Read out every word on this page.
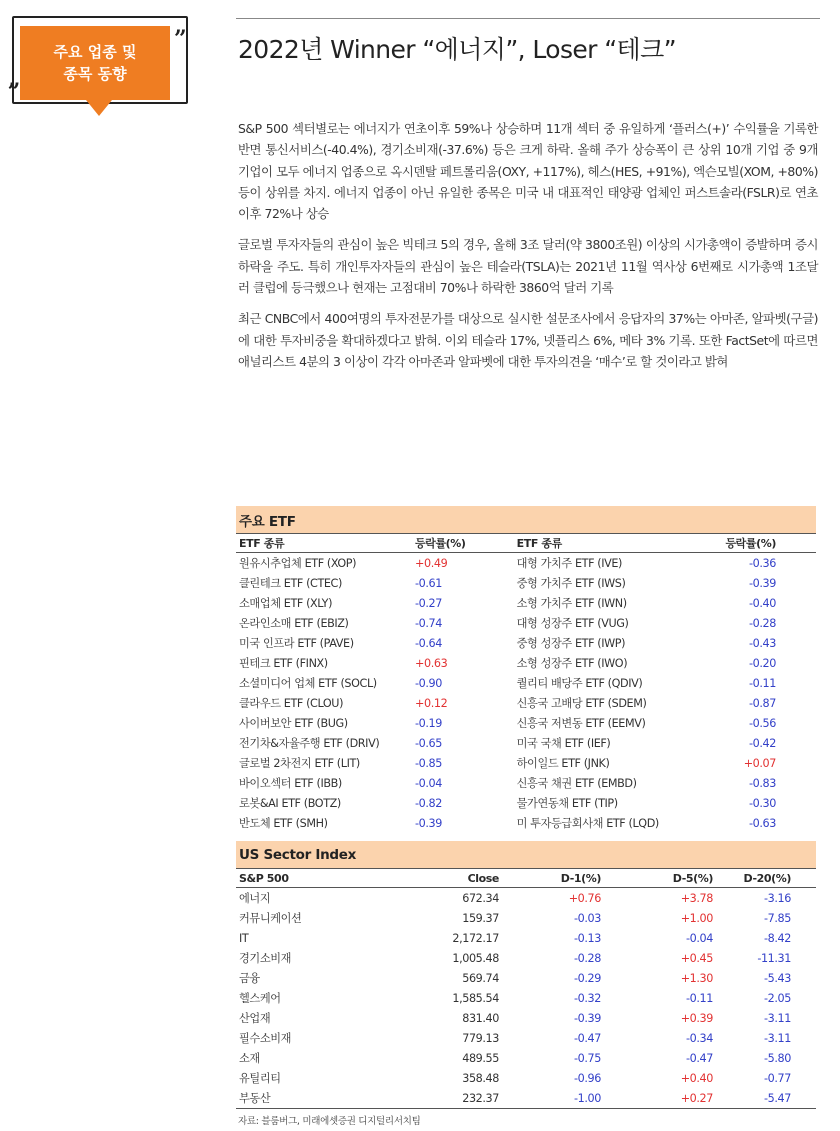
주요 업종 및
종목 동향
„
” 2022년 Winner “에너지”, Loser “테크”

S&P 500 섹터별로는 에너지가 연초이후 59%나 상승하며 11개 섹터 중 유일하게 ‘플러스(+)’ 수익률을 기록한 반면 통신서비스(-40.4%), 경기소비재(-37.6%) 등은 크게 하락. 올해 주가 상승폭이 큰 상위 10개 기업 중 9개 기업이 모두 에너지 업종으로 옥시덴탈 페트롤리움(OXY, +117%), 헤스(HES, +91%), 엑슨모빌(XOM, +80%) 등이 상위를 차지. 에너지 업종이 아닌 유일한 종목은 미국 내 대표적인 태양광 업체인 퍼스트솔라(FSLR)로 연초이후 72%나 상승

글로벌 투자자들의 관심이 높은 빅테크 5의 경우, 올해 3조 달러(약 3800조원) 이상의 시가총액이 증발하며 증시 하락을 주도. 특히 개인투자자들의 관심이 높은 테슬라(TSLA)는 2021년 11월 역사상 6번째로 시가총액 1조달러 클럽에 등극했으나 현재는 고점대비 70%나 하락한 3860억 달러 기록

최근 CNBC에서 400여명의 투자전문가를 대상으로 실시한 설문조사에서 응답자의 37%는 아마존, 알파벳(구글)에 대한 투자비중을 확대하겠다고 밝혀. 이외 테슬라 17%, 넷플리스 6%, 메타 3% 기록. 또한 FactSet에 따르면 애널리스트 4분의 3 이상이 각각 아마존과 알파벳에 대한 투자의견을 ‘매수’로 할 것이라고 밝혀

주요 ETF
ETF 종류	등락률(%)	ETF 종류	등락률(%)
원유시추업체 ETF (XOP)	+0.49	대형 가치주 ETF (IVE)	-0.36
클린테크 ETF (CTEC)	-0.61	중형 가치주 ETF (IWS)	-0.39
소매업체 ETF (XLY)	-0.27	소형 가치주 ETF (IWN)	-0.40
온라인소매 ETF (EBIZ)	-0.74	대형 성장주 ETF (VUG)	-0.28
미국 인프라 ETF (PAVE)	-0.64	중형 성장주 ETF (IWP)	-0.43
핀테크 ETF (FINX)	+0.63	소형 성장주 ETF (IWO)	-0.20
소셜미디어 업체 ETF (SOCL)	-0.90	퀄리티 배당주 ETF (QDIV)	-0.11
클라우드 ETF (CLOU)	+0.12	신흥국 고배당 ETF (SDEM)	-0.87
사이버보안 ETF (BUG)	-0.19	신흥국 저변동 ETF (EEMV)	-0.56
전기차&자율주행 ETF (DRIV)	-0.65	미국 국채 ETF (IEF)	-0.42
글로벌 2차전지 ETF (LIT)	-0.85	하이일드 ETF (JNK)	+0.07
바이오섹터 ETF (IBB)	-0.04	신흥국 채권 ETF (EMBD)	-0.83
로봇&AI ETF (BOTZ)	-0.82	물가연동채 ETF (TIP)	-0.30
반도체 ETF (SMH)	-0.39	미 투자등급회사채 ETF (LQD)	-0.63
US Sector Index
S&P 500	Close	D-1(%)	D-5(%)	D-20(%)
에너지	672.34	+0.76	+3.78	-3.16
커뮤니케이션	159.37	-0.03	+1.00	-7.85
IT	2,172.17	-0.13	-0.04	-8.42
경기소비재	1,005.48	-0.28	+0.45	-11.31
금융	569.74	-0.29	+1.30	-5.43
헬스케어	1,585.54	-0.32	-0.11	-2.05
산업재	831.40	-0.39	+0.39	-3.11
필수소비재	779.13	-0.47	-0.34	-3.11
소재	489.55	-0.75	-0.47	-5.80
유틸리티	358.48	-0.96	+0.40	-0.77
부동산	232.37	-1.00	+0.27	-5.47
자료: 블룸버그, 미래에셋증권 디지털리서치팀
